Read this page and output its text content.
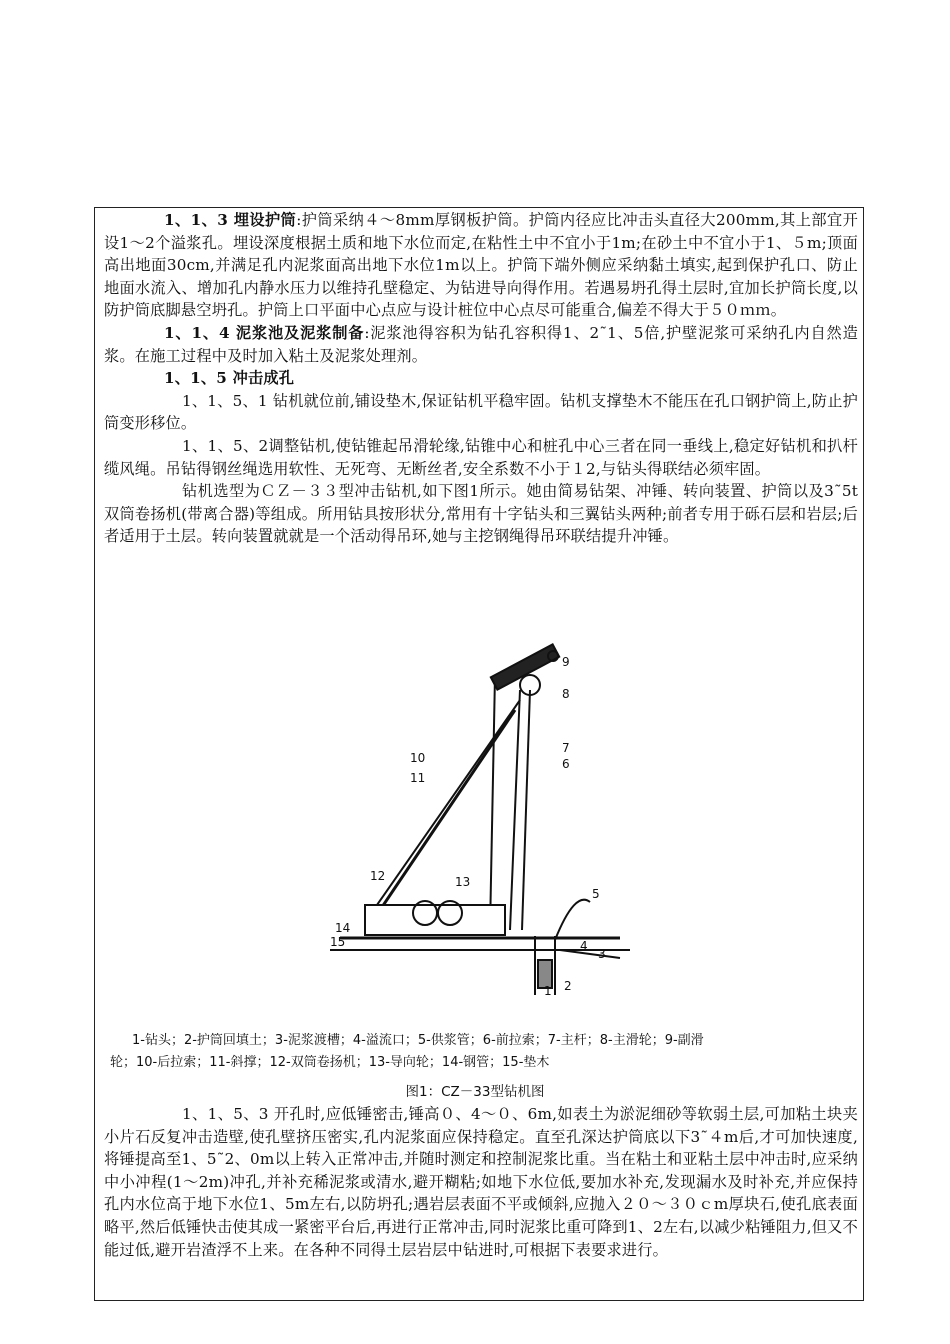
1、1、3 埋设护筒:护筒采纳４～8mm厚钢板护筒。护筒内径应比冲击头直径大200mm,其上部宜开设1～2个溢浆孔。埋设深度根据土质和地下水位而定,在粘性土中不宜小于1m;在砂土中不宜小于1、５m;顶面高出地面30cm,并满足孔内泥浆面高出地下水位1m以上。护筒下端外侧应采纳黏土填实,起到保护孔口、防止地面水流入、增加孔内静水压力以维持孔壁稳定、为钻进导向得作用。若遇易坍孔得土层时,宜加长护筒长度,以防护筒底脚悬空坍孔。护筒上口平面中心点应与设计桩位中心点尽可能重合,偏差不得大于５０ｍｍ。

1、1、4 泥浆池及泥浆制备:泥浆池得容积为钻孔容积得1、2˜1、5倍,护壁泥浆可采纳孔内自然造浆。在施工过程中及时加入粘土及泥浆处理剂。

1、1、5 冲击成孔

1、1、5、1 钻机就位前,铺设垫木,保证钻机平稳牢固。钻机支撑垫木不能压在孔口钢护筒上,防止护筒变形移位。

1、1、5、2调整钻机,使钻锥起吊滑轮缘,钻锥中心和桩孔中心三者在同一垂线上,稳定好钻机和扒杆缆风绳。吊钻得钢丝绳选用软性、无死弯、无断丝者,安全系数不小于１2,与钻头得联结必须牢固。

钻机选型为ＣＺ－３３型冲击钻机,如下图1所示。她由简易钻架、冲锤、转向装置、护筒以及3˜5t双筒卷扬机(带离合器)等组成。所用钻具按形状分,常用有十字钻头和三翼钻头两种;前者专用于砾石层和岩层;后者适用于土层。转向装置就就是一个活动得吊环,她与主挖钢绳得吊环联结提升冲锤。

1 2
3
4
5
6
7
8
9
10
11
12	13
14
15
1-钻头；2-护筒回填土；3-泥浆渡槽；4-溢流口；5-供浆管；6-前拉索；7-主杆；8-主滑轮；9-副滑
轮；10-后拉索；11-斜撑；12-双筒卷扬机；13-导向轮；14-钢管；15-垫木
图1：CZ－33型钻机图

1、1、5、3 开孔时,应低锤密击,锤高０、4～０、6m,如表土为淤泥细砂等软弱土层,可加粘土块夹小片石反复冲击造壁,使孔壁挤压密实,孔内泥浆面应保持稳定。直至孔深达护筒底以下3˜４m后,才可加快速度,将锤提高至1、5˜2、0m以上转入正常冲击,并随时测定和控制泥浆比重。当在粘土和亚粘土层中冲击时,应采纳中小冲程(1～2m)冲孔,并补充稀泥浆或清水,避开糊粘;如地下水位低,要加水补充,发现漏水及时补充,并应保持孔内水位高于地下水位1、5m左右,以防坍孔;遇岩层表面不平或倾斜,应抛入２０～３０ｃm厚块石,使孔底表面略平,然后低锤快击使其成一紧密平台后,再进行正常冲击,同时泥浆比重可降到1、2左右,以减少粘锤阻力,但又不能过低,避开岩渣浮不上来。在各种不同得土层岩层中钻进时,可根据下表要求进行。
